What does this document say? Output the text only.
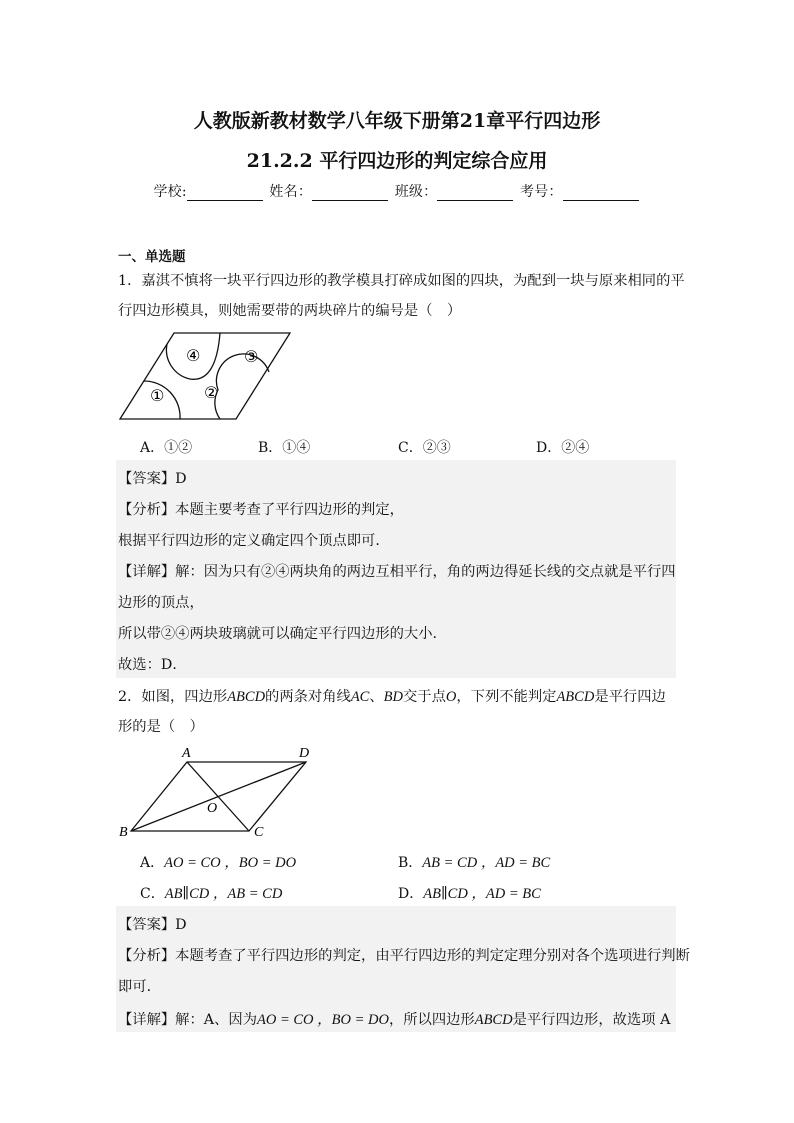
人教版新教材数学八年级下册第21章平行四边形
21.2.2 平行四边形的判定综合应用
学校:	姓名：	班级：	考号：
一、单选题
1．嘉淇不慎将一块平行四边形的教学模具打碎成如图的四块，为配到一块与原来相同的平
行四边形模具，则她需要带的两块碎片的编号是（　）
① ②
③
④
A．①②	B．①④	C．②③	D．②④
【答案】D
【分析】本题主要考查了平行四边形的判定，
根据平行四边形的定义确定四个顶点即可．
【详解】解：因为只有②④两块角的两边互相平行，角的两边得延长线的交点就是平行四
边形的顶点，
所以带②④两块玻璃就可以确定平行四边形的大小．
故选：D．
2．如图，四边形ABCD的两条对角线AC、BD交于点O，下列不能判定ABCD是平行四边
形的是（　）
A	D
O
B	C
A．AO = CO ，BO = DO	B．AB = CD ，AD = BC
C．AB∥CD ，AB = CD	D．AB∥CD ，AD = BC
【答案】D
【分析】本题考查了平行四边形的判定，由平行四边形的判定定理分别对各个选项进行判断
即可．
【详解】解：A、因为AO = CO ，BO = DO，所以四边形ABCD是平行四边形，故选项 A
